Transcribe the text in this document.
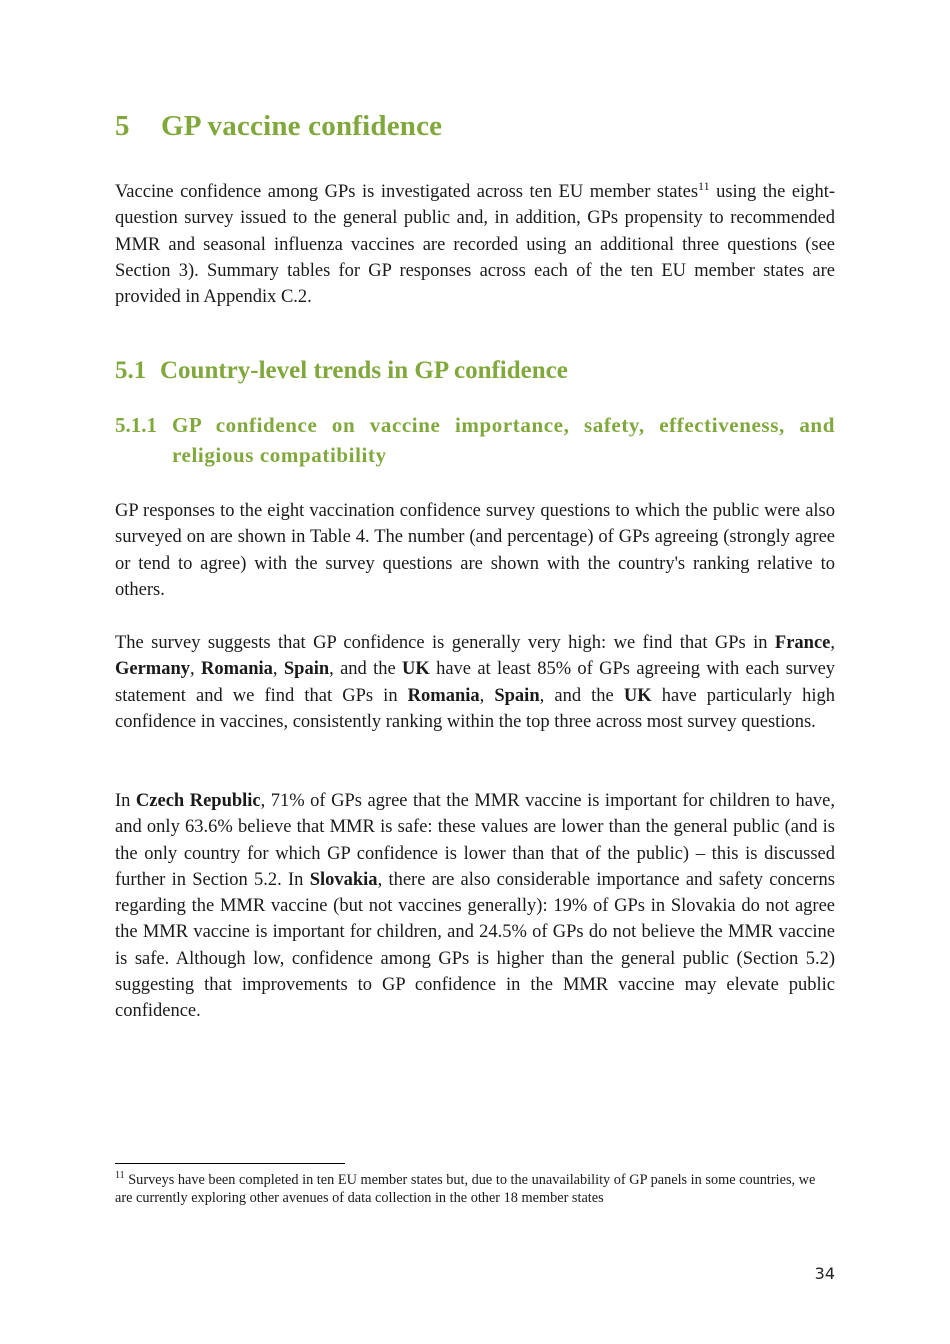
5 GP vaccine confidence

Vaccine confidence among GPs is investigated across ten EU member states$^{11}$ using the eight-question survey issued to the general public and, in addition, GPs propensity to recommended MMR and seasonal influenza vaccines are recorded using an additional three questions (see Section 3). Summary tables for GP responses across each of the ten EU member states are provided in Appendix C.2.

5.1 Country-level trends in GP confidence
5.1.1 GP confidence on vaccine importance, safety, effectiveness, and religious compatibility

GP responses to the eight vaccination confidence survey questions to which the public were also surveyed on are shown in Table 4. The number (and percentage) of GPs agreeing (strongly agree or tend to agree) with the survey questions are shown with the country's ranking relative to others.

The survey suggests that GP confidence is generally very high: we find that GPs in France, Germany, Romania, Spain, and the UK have at least 85% of GPs agreeing with each survey statement and we find that GPs in Romania, Spain, and the UK have particularly high confidence in vaccines, consistently ranking within the top three across most survey questions.

In Czech Republic, 71% of GPs agree that the MMR vaccine is important for children to have, and only 63.6% believe that MMR is safe: these values are lower than the general public (and is the only country for which GP confidence is lower than that of the public) – this is discussed further in Section 5.2. In Slovakia, there are also considerable importance and safety concerns regarding the MMR vaccine (but not vaccines generally): 19% of GPs in Slovakia do not agree the MMR vaccine is important for children, and 24.5% of GPs do not believe the MMR vaccine is safe. Although low, confidence among GPs is higher than the general public (Section 5.2) suggesting that improvements to GP confidence in the MMR vaccine may elevate public confidence.

$^{11}$ Surveys have been completed in ten EU member states but, due to the unavailability of GP panels in some countries, we are currently exploring other avenues of data collection in the other 18 member states

34
